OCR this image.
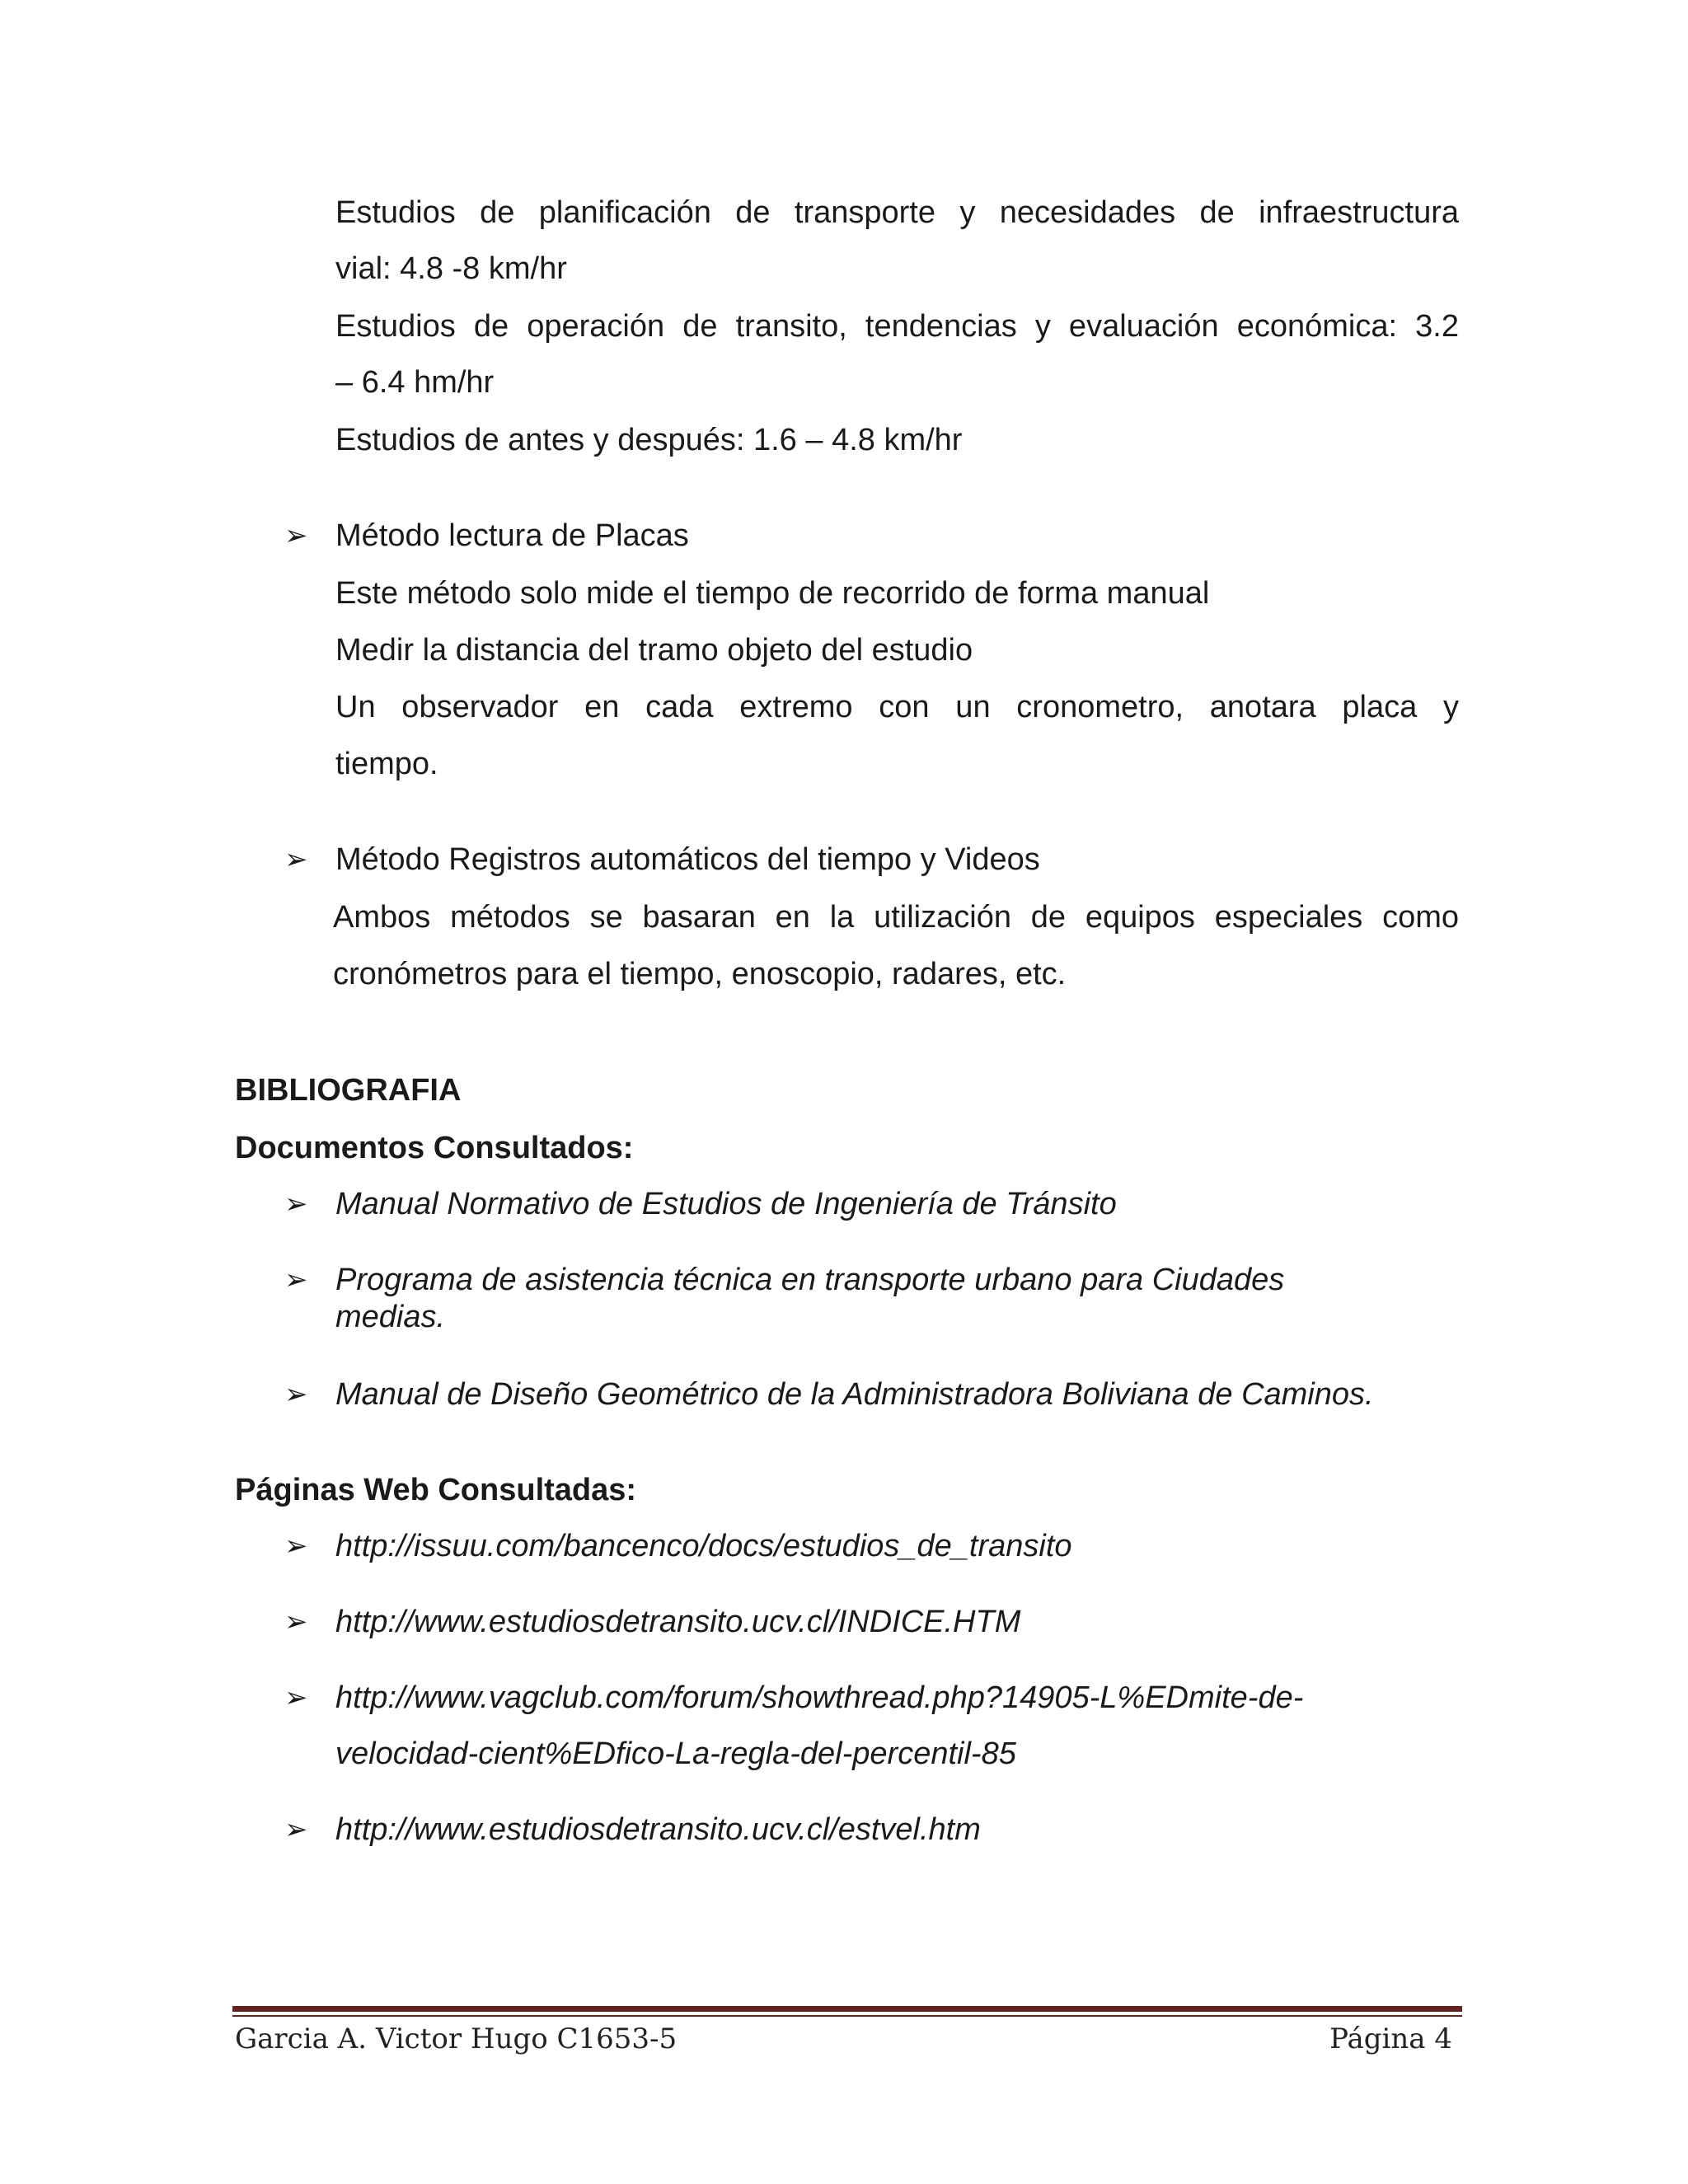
Estudios de planificación de transporte y necesidades de infraestructura
vial: 4.8 -8 km/hr
Estudios de operación de transito, tendencias y evaluación económica: 3.2
– 6.4 hm/hr
Estudios de antes y después: 1.6 – 4.8 km/hr
➢ Método lectura de Placas
Este método solo mide el tiempo de recorrido de forma manual
Medir la distancia del tramo objeto del estudio
Un observador en cada extremo con un cronometro, anotara placa y
tiempo.
➢ Método Registros automáticos del tiempo y Videos
Ambos métodos se basaran en la utilización de equipos especiales como
cronómetros para el tiempo, enoscopio, radares, etc.
BIBLIOGRAFIA
Documentos Consultados:
➢ Manual Normativo de Estudios de Ingeniería de Tránsito
➢ Programa de asistencia técnica en transporte urbano para Ciudades
medias.
➢ Manual de Diseño Geométrico de la Administradora Boliviana de Caminos.
Páginas Web Consultadas:
➢ http://issuu.com/bancenco/docs/estudios_de_transito
➢ http://www.estudiosdetransito.ucv.cl/INDICE.HTM
➢ http://www.vagclub.com/forum/showthread.php?14905-L%EDmite-de-
velocidad-cient%EDfico-La-regla-del-percentil-85
➢ http://www.estudiosdetransito.ucv.cl/estvel.htm
Garcia A. Victor Hugo C1653-5	Página 4
